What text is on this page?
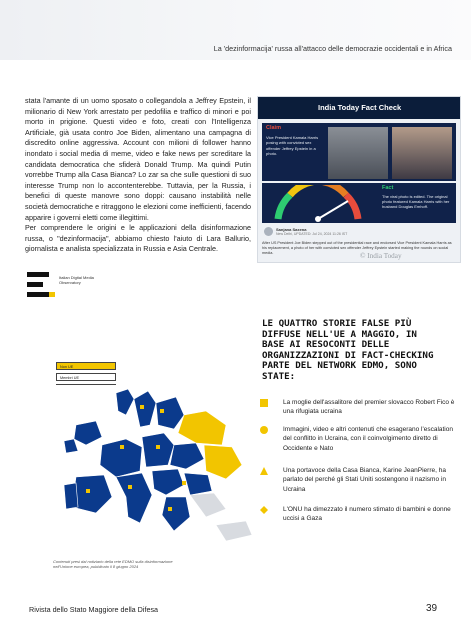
La 'dezinformacija' russa all'attacco delle democrazie occidentali e in Africa

stata l'amante di un uomo sposato o collegandola a Jeffrey Epstein, il milionario di New York arrestato per pedofilia e traffico di minori e poi morto in prigione. Questi video e foto, creati con l'Intelligenza Artificiale, già usata contro Joe Biden, alimentano una campagna di discredito online aggressiva. Account con milioni di follower hanno inondato i social media di meme, video e fake news per screditare la candidata democratica che sfiderà Donald Trump. Ma quindi Putin vorrebbe Trump alla Casa Bianca? Lo zar sa che sulle questioni di suo interesse Trump non lo accontenterebbe. Tuttavia, per la Russia, i benefici di queste manovre sono doppi: causano instabilità nelle società democratiche e ritraggono le elezioni come inefficienti, facendo apparire i governi eletti come illegittimi.

Per comprendere le origini e le applicazioni della disinformazione russa, o "dezinformacija", abbiamo chiesto l'aiuto di Lara Ballurio, giornalista e analista specializzata in Russia e Asia Centrale.

India Today Fact Check
Claim
Vice President Kamala Harris posing with convicted sex offender Jeffrey Epstein in a photo.
Fact
The viral photo is edited. The original photo featured Kamala Harris with her husband Douglas Emhoff.
Sanjana Saxena
New Delhi, UPDATED: Jul 24, 2024 11:26 IST
After US President Joe Biden stepped out of the presidential race and endorsed Vice President Kamala Harris as his replacement, a photo of her with convicted sex offender Jeffrey Epstein started making the rounds on social media.	© India Today
Italian Digital Media Observatory
Non UE
Membri UE
Contenuti presi dal notiziario della rete EDMO sulla disinformazione nell'Unione europea, pubblicato il 8 giugno 2024
LE QUATTRO STORIE FALSE PIÙ DIFFUSE NELL'UE A MAGGIO, IN BASE AI RESOCONTI DELLE ORGANIZZAZIONI DI FACT-CHECKING PARTE DEL NETWORK EDMO, SONO STATE:
La moglie dell'assalitore del premier slovacco Robert Fico è una rifugiata ucraina
Immagini, video e altri contenuti che esagerano l'escalation del conflitto in Ucraina, con il coinvolgimento diretto di Occidente e Nato
Una portavoce della Casa Bianca, Karine JeanPierre, ha parlato del perché gli Stati Uniti sostengono il nazismo in Ucraina
L'ONU ha dimezzato il numero stimato di bambini e donne uccisi a Gaza
Rivista dello Stato Maggiore della Difesa	39
